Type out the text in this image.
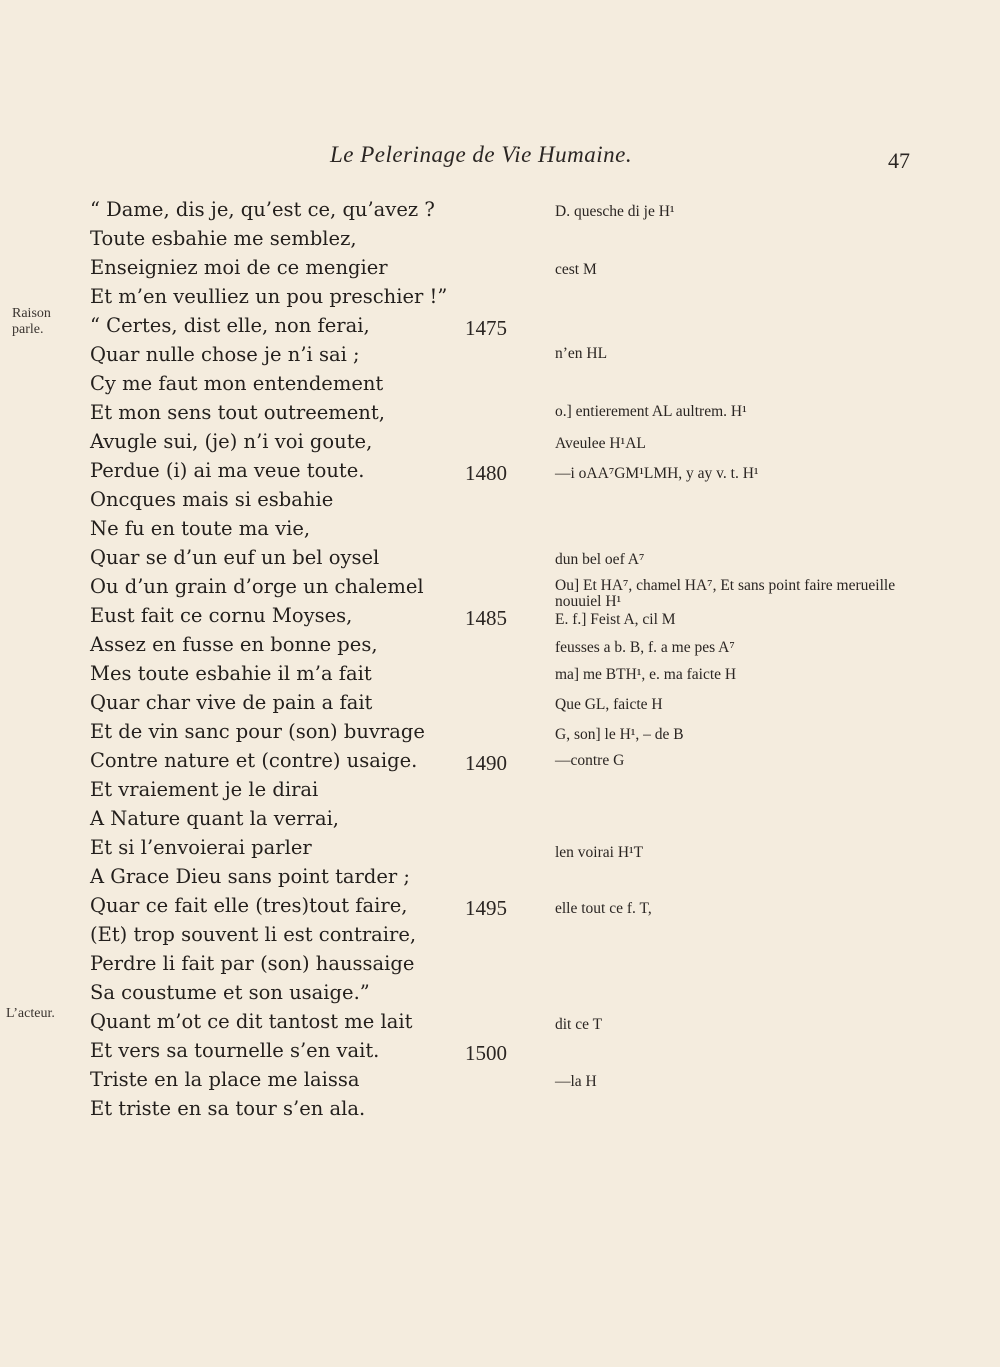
Le Pelerinage de Vie Humaine.	47
“ Dame, dis je, qu’est ce, qu’avez ?
Toute esbahie me semblez,
Enseigniez moi de ce mengier
Et m’en veulliez un pou preschier !”
“ Certes, dist elle, non ferai,
Quar nulle chose je n’i sai ;
Cy me faut mon entendement
Et mon sens tout outreement,
Avugle sui, (je) n’i voi goute,
Perdue (i) ai ma veue toute.
Oncques mais si esbahie
Ne fu en toute ma vie,
Quar se d’un euf un bel oysel
Ou d’un grain d’orge un chalemel
Eust fait ce cornu Moyses,
Assez en fusse en bonne pes,
Mes toute esbahie il m’a fait
Quar char vive de pain a fait
Et de vin sanc pour (son) buvrage
Contre nature et (contre) usaige.
Et vraiement je le dirai
A Nature quant la verrai,
Et si l’envoierai parler
A Grace Dieu sans point tarder ;
Quar ce fait elle (tres)tout faire,
(Et) trop souvent li est contraire,
Perdre li fait par (son) haussaige
Sa coustume et son usaige.”
Quant m’ot ce dit tantost me lait
Et vers sa tournelle s’en vait.
Triste en la place me laissa
Et triste en sa tour s’en ala.
1475
1480
1485
1490
1495
1500
Raison
parle.
L’acteur.
D. quesche di je H¹
cest M
n’en HL
o.] entierement AL aultrem. H¹
Aveulee H¹AL
—i oAA⁷GM¹LMH, y ay v. t. H¹
dun bel oef A⁷
Ou] Et HA⁷, chamel HA⁷, Et sans point faire merueille nouuiel H¹
E. f.] Feist A, cil M
feusses a b. B, f. a me pes A⁷
ma] me BTH¹, e. ma faicte H
Que GL, faicte H
G, son] le H¹, – de B
—contre G
len voirai H¹T
elle tout ce f. T,
dit ce T
—la H
